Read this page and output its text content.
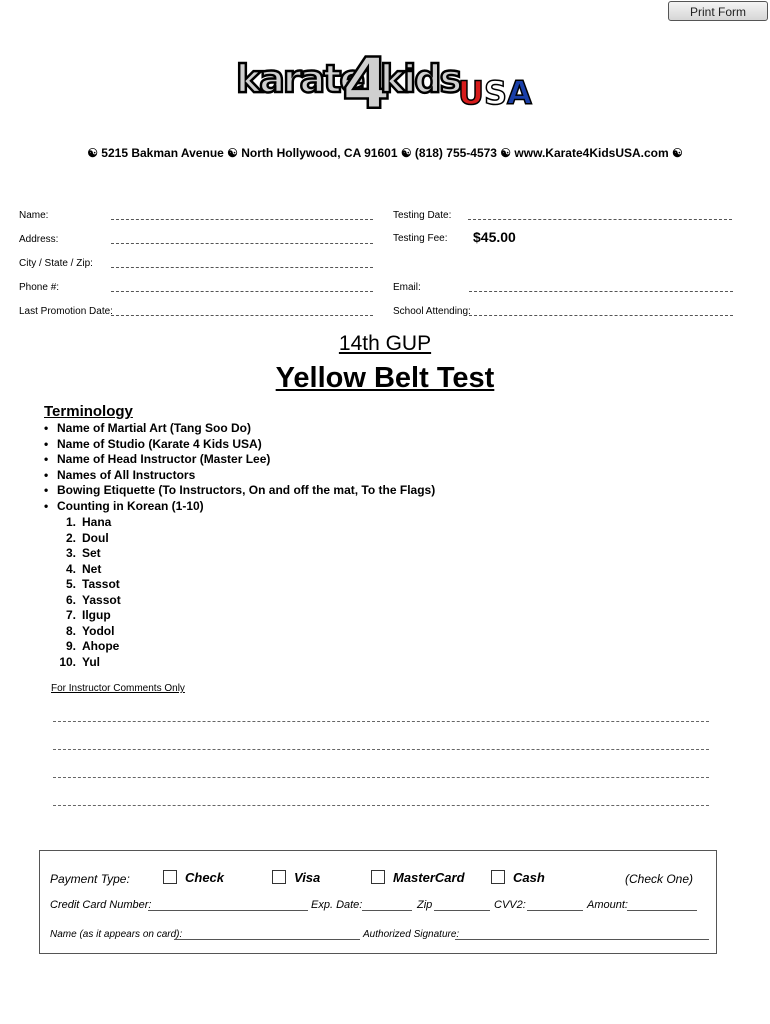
Print Form
karate
4
kids
USA
☯ 5215 Bakman Avenue ☯ North Hollywood, CA 91601 ☯ (818) 755-4573 ☯ www.Karate4KidsUSA.com ☯
Name:	Testing Date:
Address:	Testing Fee: $45.00
City / State / Zip:
Phone #:	Email:
Last Promotion Date:	School Attending:
14th GUP
Yellow Belt Test
Terminology
• Name of Martial Art (Tang Soo Do)
• Name of Studio (Karate 4 Kids USA)
• Name of Head Instructor (Master Lee)
• Names of All Instructors
• Bowing Etiquette (To Instructors, On and off the mat, To the Flags)
• Counting in Korean (1-10)
1. Hana
2. Doul
3. Set
4. Net
5. Tassot
6. Yassot
7. Ilgup
8. Yodol
9. Ahope
10. Yul
For Instructor Comments Only
Payment Type:	Check	Visa	MasterCard	Cash	(Check One)
Credit Card Number:	Exp. Date:	Zip	CVV2:	Amount:
Name (as it appears on card):	Authorized Signature:
